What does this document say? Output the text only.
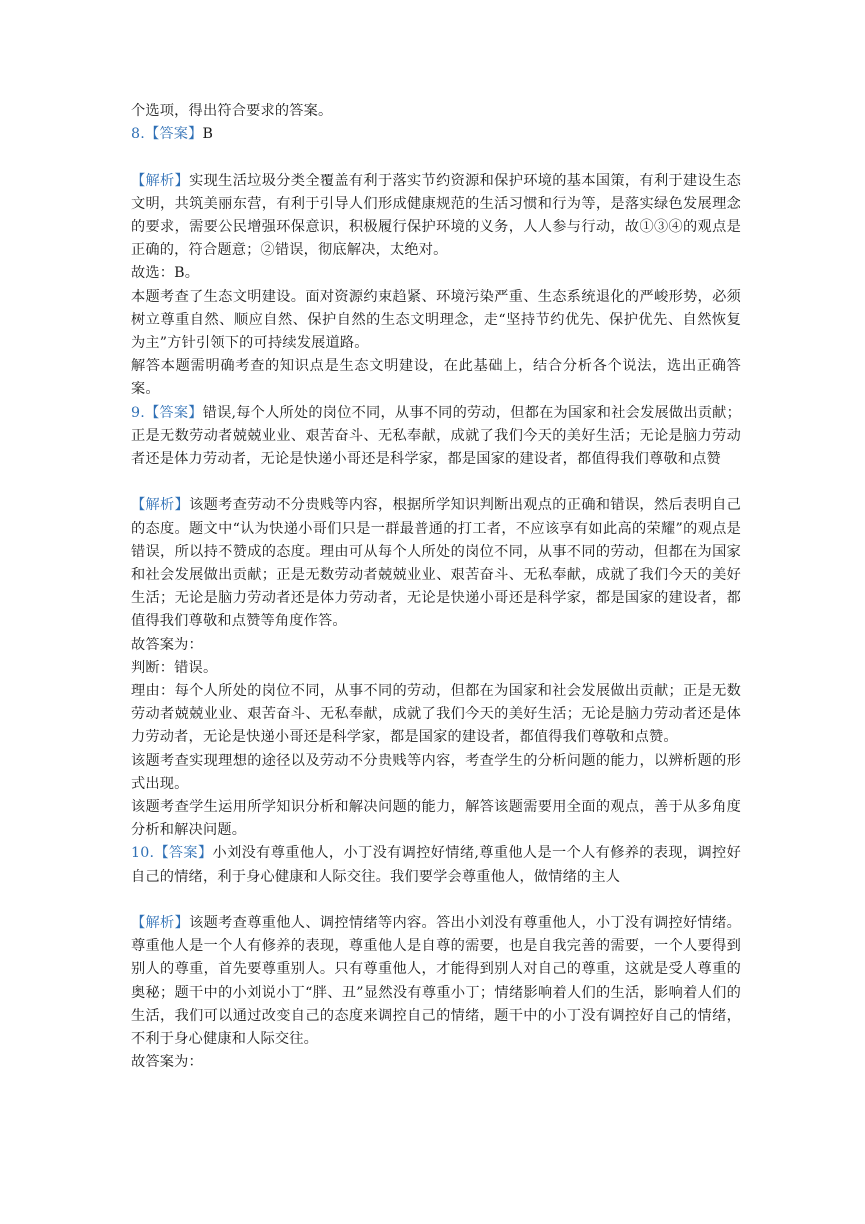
个选项，得出符合要求的答案。

8.【答案】B

【解析】实现生活垃圾分类全覆盖有利于落实节约资源和保护环境的基本国策，有利于建设生态文明，共筑美丽东营，有利于引导人们形成健康规范的生活习惯和行为等，是落实绿色发展理念的要求，需要公民增强环保意识，积极履行保护环境的义务，人人参与行动，故①③④的观点是正确的，符合题意；②错误，彻底解决，太绝对。

故选：B。

本题考查了生态文明建设。面对资源约束趋紧、环境污染严重、生态系统退化的严峻形势，必须树立尊重自然、顺应自然、保护自然的生态文明理念，走“坚持节约优先、保护优先、自然恢复为主”方针引领下的可持续发展道路。

解答本题需明确考查的知识点是生态文明建设，在此基础上，结合分析各个说法，选出正确答案。

9.【答案】错误,每个人所处的岗位不同，从事不同的劳动，但都在为国家和社会发展做出贡献；正是无数劳动者兢兢业业、艰苦奋斗、无私奉献，成就了我们今天的美好生活；无论是脑力劳动者还是体力劳动者，无论是快递小哥还是科学家，都是国家的建设者，都值得我们尊敬和点赞

【解析】该题考查劳动不分贵贱等内容，根据所学知识判断出观点的正确和错误，然后表明自己的态度。题文中“认为快递小哥们只是一群最普通的打工者，不应该享有如此高的荣耀”的观点是错误，所以持不赞成的态度。理由可从每个人所处的岗位不同，从事不同的劳动，但都在为国家和社会发展做出贡献；正是无数劳动者兢兢业业、艰苦奋斗、无私奉献，成就了我们今天的美好生活；无论是脑力劳动者还是体力劳动者，无论是快递小哥还是科学家，都是国家的建设者，都值得我们尊敬和点赞等角度作答。

故答案为：

判断：错误。

理由：每个人所处的岗位不同，从事不同的劳动，但都在为国家和社会发展做出贡献；正是无数劳动者兢兢业业、艰苦奋斗、无私奉献，成就了我们今天的美好生活；无论是脑力劳动者还是体力劳动者，无论是快递小哥还是科学家，都是国家的建设者，都值得我们尊敬和点赞。

该题考查实现理想的途径以及劳动不分贵贱等内容，考查学生的分析问题的能力，以辨析题的形式出现。

该题考查学生运用所学知识分析和解决问题的能力，解答该题需要用全面的观点，善于从多角度分析和解决问题。

10.【答案】小刘没有尊重他人，小丁没有调控好情绪,尊重他人是一个人有修养的表现，调控好自己的情绪，利于身心健康和人际交往。我们要学会尊重他人，做情绪的主人

【解析】该题考查尊重他人、调控情绪等内容。答出小刘没有尊重他人，小丁没有调控好情绪。尊重他人是一个人有修养的表现，尊重他人是自尊的需要，也是自我完善的需要，一个人要得到别人的尊重，首先要尊重别人。只有尊重他人，才能得到别人对自己的尊重，这就是受人尊重的奥秘；题干中的小刘说小丁“胖、丑”显然没有尊重小丁；情绪影响着人们的生活，影响着人们的生活，我们可以通过改变自己的态度来调控自己的情绪，题干中的小丁没有调控好自己的情绪，不利于身心健康和人际交往。

故答案为：
